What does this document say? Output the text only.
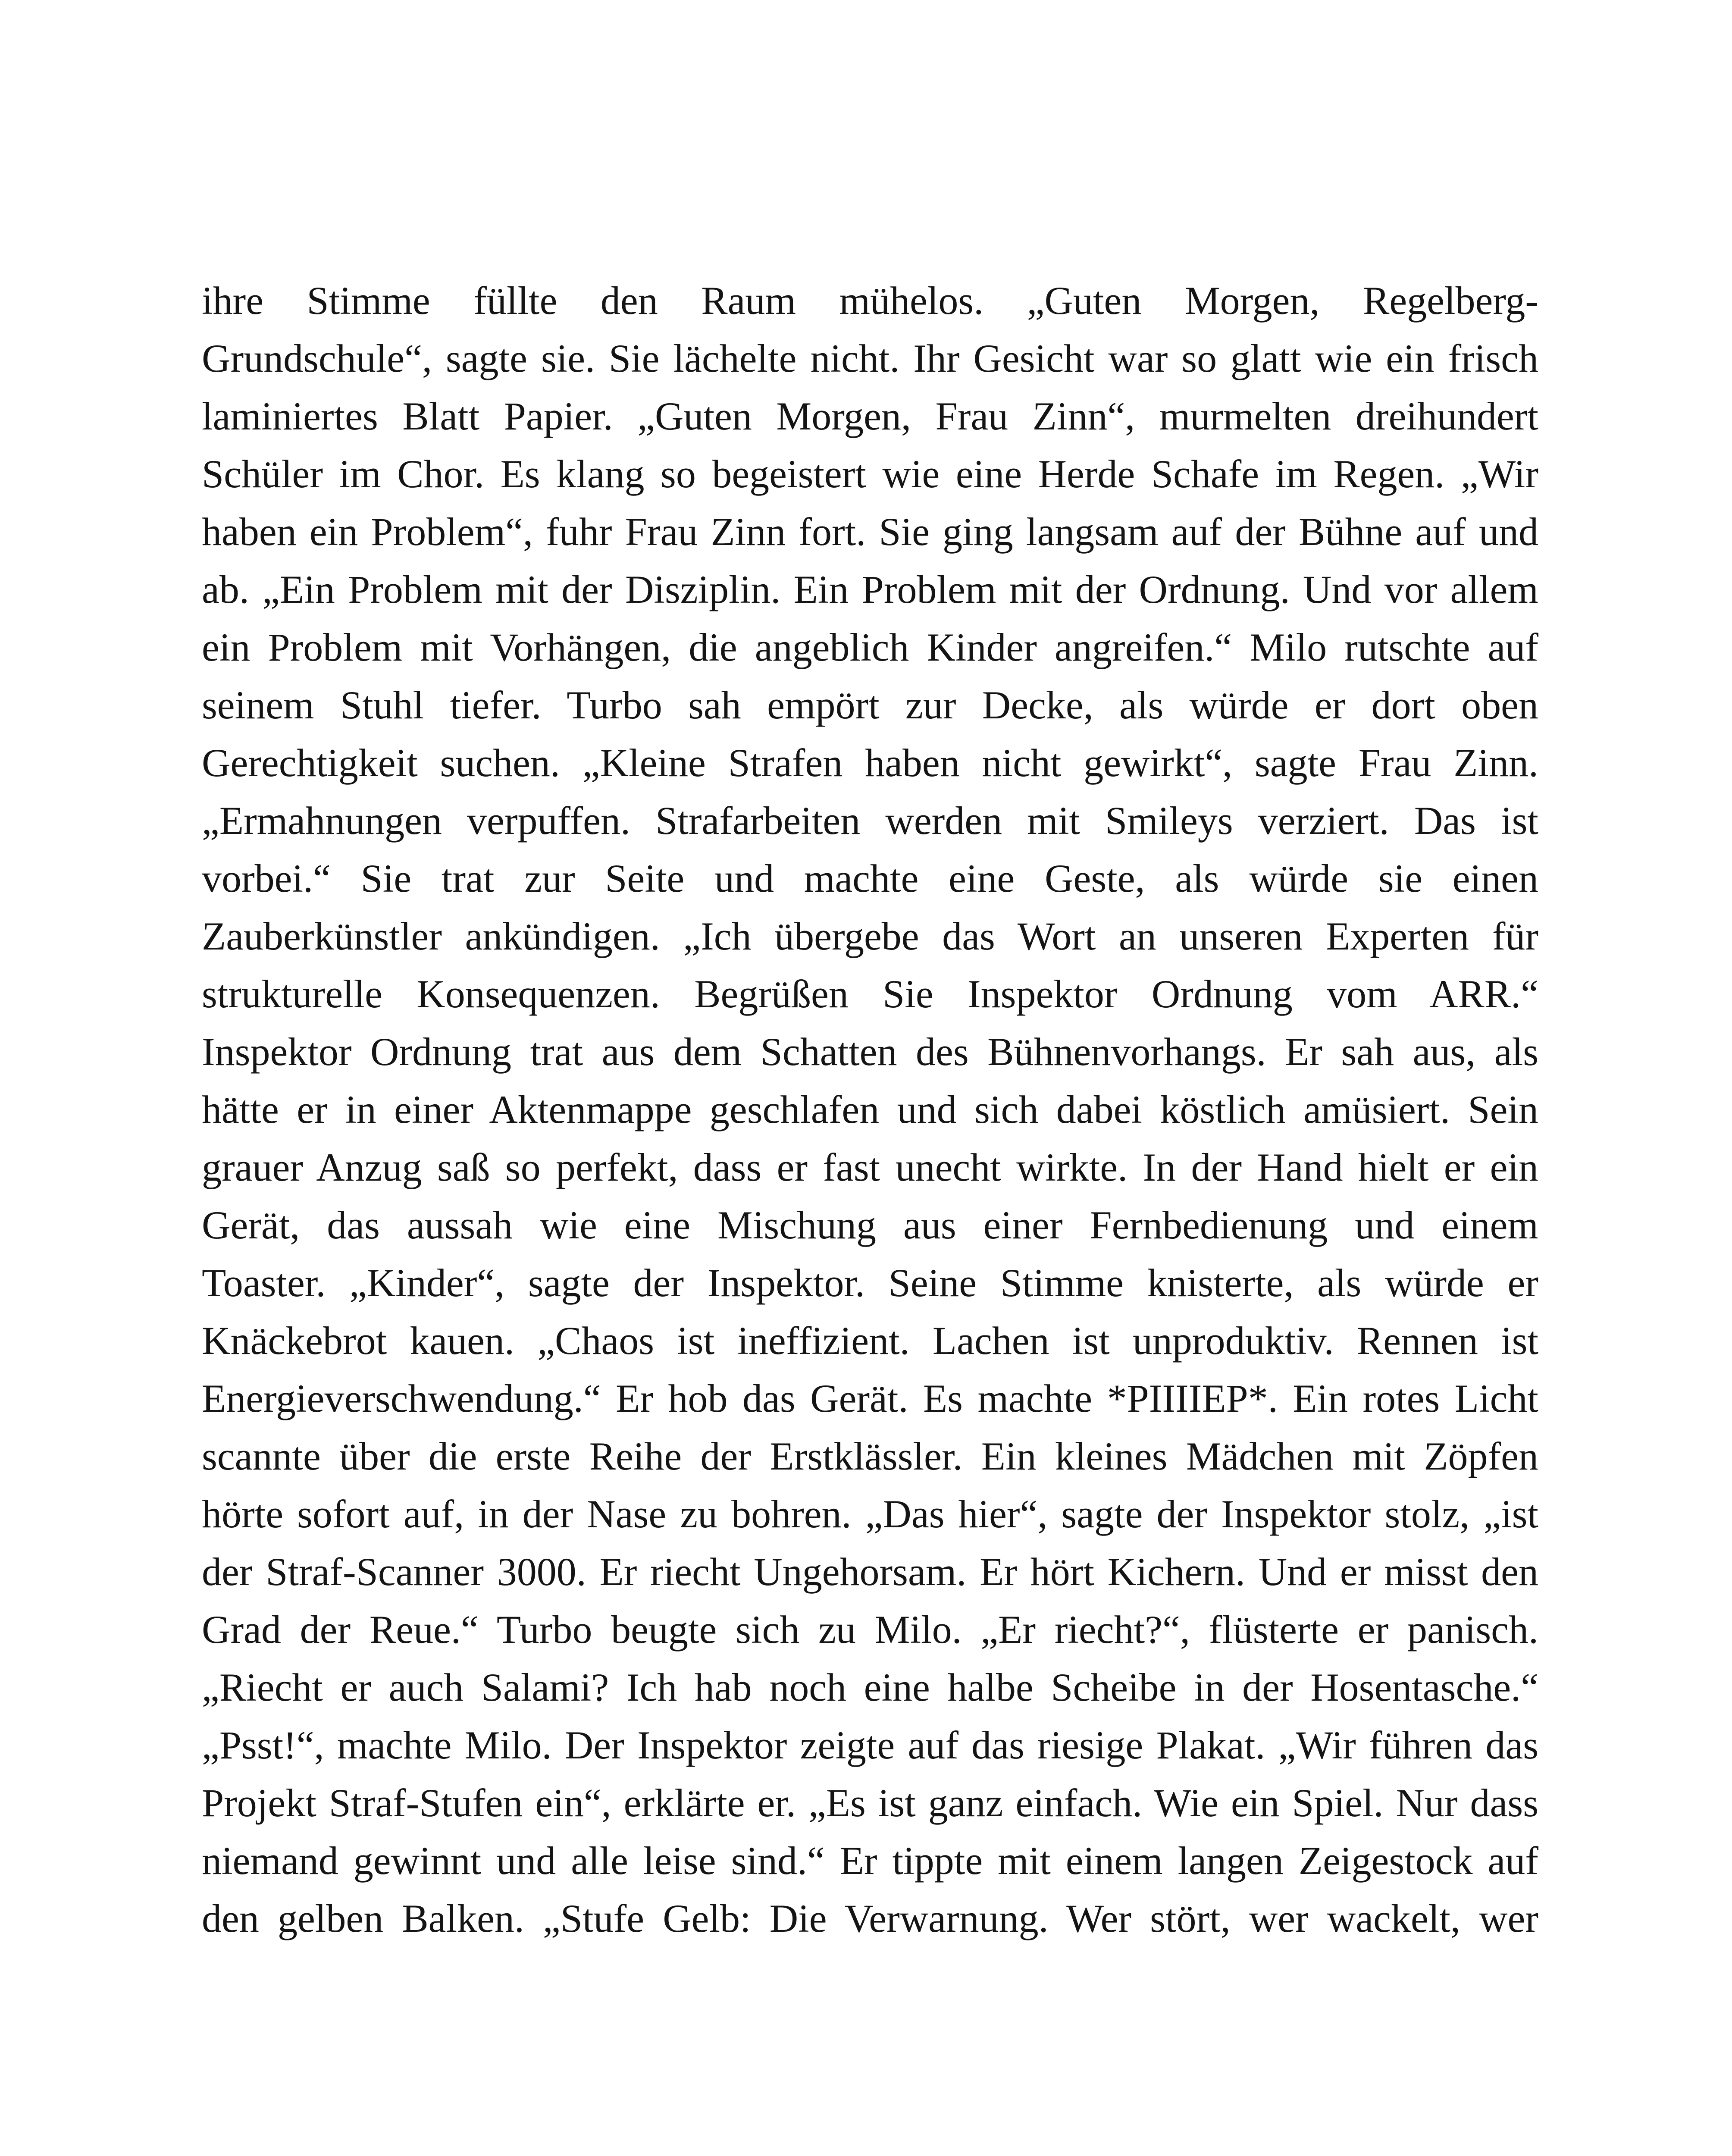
ihre Stimme füllte den Raum mühelos. „Guten Morgen, Regelberg-
Grundschule“, sagte sie. Sie lächelte nicht. Ihr Gesicht war so glatt wie ein frisch
laminiertes Blatt Papier. „Guten Morgen, Frau Zinn“, murmelten dreihundert
Schüler im Chor. Es klang so begeistert wie eine Herde Schafe im Regen. „Wir
haben ein Problem“, fuhr Frau Zinn fort. Sie ging langsam auf der Bühne auf und
ab. „Ein Problem mit der Disziplin. Ein Problem mit der Ordnung. Und vor allem
ein Problem mit Vorhängen, die angeblich Kinder angreifen.“ Milo rutschte auf
seinem Stuhl tiefer. Turbo sah empört zur Decke, als würde er dort oben
Gerechtigkeit suchen. „Kleine Strafen haben nicht gewirkt“, sagte Frau Zinn.
„Ermahnungen verpuffen. Strafarbeiten werden mit Smileys verziert. Das ist
vorbei.“ Sie trat zur Seite und machte eine Geste, als würde sie einen
Zauberkünstler ankündigen. „Ich übergebe das Wort an unseren Experten für
strukturelle Konsequenzen. Begrüßen Sie Inspektor Ordnung vom ARR.“
Inspektor Ordnung trat aus dem Schatten des Bühnenvorhangs. Er sah aus, als
hätte er in einer Aktenmappe geschlafen und sich dabei köstlich amüsiert. Sein
grauer Anzug saß so perfekt, dass er fast unecht wirkte. In der Hand hielt er ein
Gerät, das aussah wie eine Mischung aus einer Fernbedienung und einem
Toaster. „Kinder“, sagte der Inspektor. Seine Stimme knisterte, als würde er
Knäckebrot kauen. „Chaos ist ineffizient. Lachen ist unproduktiv. Rennen ist
Energieverschwendung.“ Er hob das Gerät. Es machte *PIIIIEP*. Ein rotes Licht
scannte über die erste Reihe der Erstklässler. Ein kleines Mädchen mit Zöpfen
hörte sofort auf, in der Nase zu bohren. „Das hier“, sagte der Inspektor stolz, „ist
der Straf-Scanner 3000. Er riecht Ungehorsam. Er hört Kichern. Und er misst den
Grad der Reue.“ Turbo beugte sich zu Milo. „Er riecht?“, flüsterte er panisch.
„Riecht er auch Salami? Ich hab noch eine halbe Scheibe in der Hosentasche.“
„Psst!“, machte Milo. Der Inspektor zeigte auf das riesige Plakat. „Wir führen das
Projekt Straf-Stufen ein“, erklärte er. „Es ist ganz einfach. Wie ein Spiel. Nur dass
niemand gewinnt und alle leise sind.“ Er tippte mit einem langen Zeigestock auf
den gelben Balken. „Stufe Gelb: Die Verwarnung. Wer stört, wer wackelt, wer
